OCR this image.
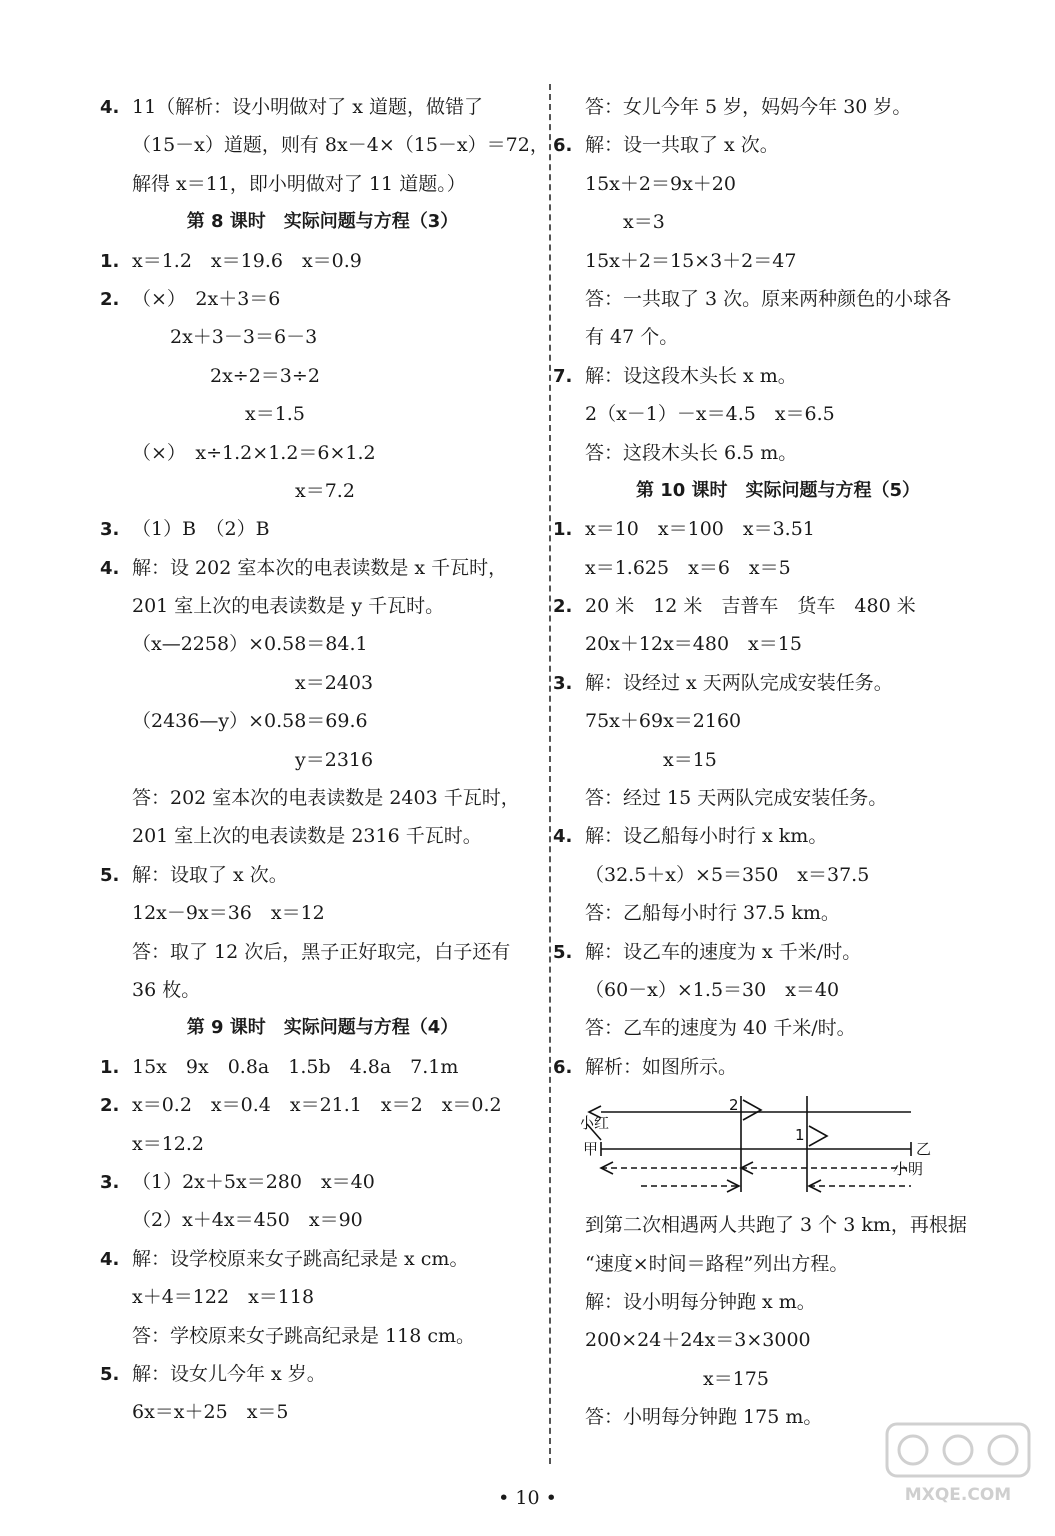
4. 11（解析：设小明做对了 x 道题，做错了
（15－x）道题，则有 8x－4×（15－x）＝72，
解得 x＝11，即小明做对了 11 道题。）
第 8 课时　实际问题与方程（3）
1. x＝1.2　x＝19.6　x＝0.9
2. （×）　2x＋3＝6
2x＋3－3＝6－3
2x÷2＝3÷2
x＝1.5
（×）　x÷1.2×1.2＝6×1.2
x＝7.2
3. （1）B　（2）B
4. 解：设 202 室本次的电表读数是 x 千瓦时，
201 室上次的电表读数是 y 千瓦时。
（x—2258）×0.58＝84.1
x＝2403
（2436—y）×0.58＝69.6
y＝2316
答：202 室本次的电表读数是 2403 千瓦时，
201 室上次的电表读数是 2316 千瓦时。
5. 解：设取了 x 次。
12x－9x＝36　x＝12
答：取了 12 次后，黑子正好取完，白子还有
36 枚。
第 9 课时　实际问题与方程（4）
1. 15x　9x　0.8a　1.5b　4.8a　7.1m
2. x＝0.2　x＝0.4　x＝21.1　x＝2　x＝0.2
x＝12.2
3. （1）2x＋5x＝280　x＝40
（2）x＋4x＝450　x＝90
4. 解：设学校原来女子跳高纪录是 x cm。
x＋4＝122　x＝118
答：学校原来女子跳高纪录是 118 cm。
5. 解：设女儿今年 x 岁。
6x＝x＋25　x＝5
答：女儿今年 5 岁，妈妈今年 30 岁。
6. 解：设一共取了 x 次。
15x＋2＝9x＋20
x＝3
15x＋2＝15×3＋2＝47
答：一共取了 3 次。原来两种颜色的小球各
有 47 个。
7. 解：设这段木头长 x m。
2（x－1）－x＝4.5　x＝6.5
答：这段木头长 6.5 m。
第 10 课时　实际问题与方程（5）
1. x＝10　x＝100　x＝3.51
x＝1.625　x＝6　x＝5
2. 20 米　12 米　吉普车　货车　480 米
20x＋12x＝480　x＝15
3. 解：设经过 x 天两队完成安装任务。
75x＋69x＝2160
x＝15
答：经过 15 天两队完成安装任务。
4. 解：设乙船每小时行 x km。
（32.5＋x）×5＝350　x＝37.5
答：乙船每小时行 37.5 km。
5. 解：设乙车的速度为 x 千米/时。
（60－x）×1.5＝30　x＝40
答：乙车的速度为 40 千米/时。
6. 解析：如图所示。
小红
甲	乙
小明
2
1
到第二次相遇两人共跑了 3 个 3 km，再根据
“速度×时间＝路程”列出方程。
解：设小明每分钟跑 x m。
200×24＋24x＝3×3000
x＝175
答：小明每分钟跑 175 m。
• 10 •	MXQE.COM
